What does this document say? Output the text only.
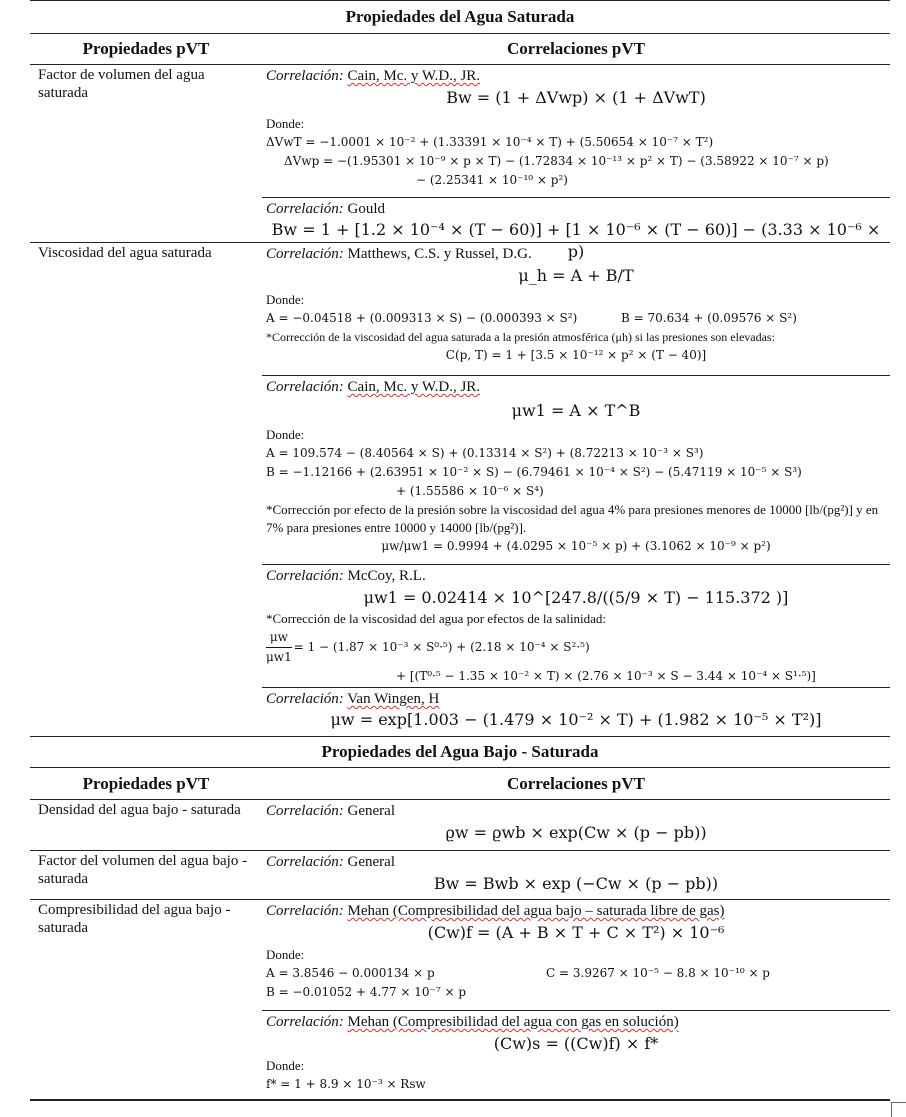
Propiedades del Agua Saturada
Propiedades pVT	Correlaciones pVT
Factor de volumen del agua saturada
Correlación: Cain, Mc. y W.D., JR.
Bw = (1 + ΔVwp) × (1 + ΔVwT)
Donde:
ΔVwT = −1.0001 × 10⁻² + (1.33391 × 10⁻⁴ × T) + (5.50654 × 10⁻⁷ × T²)
ΔVwp = −(1.95301 × 10⁻⁹ × p × T) − (1.72834 × 10⁻¹³ × p² × T) − (3.58922 × 10⁻⁷ × p)
− (2.25341 × 10⁻¹⁰ × p²)
Correlación: Gould
Bw = 1 + [1.2 × 10⁻⁴ × (T − 60)] + [1 × 10⁻⁶ × (T − 60)] − (3.33 × 10⁻⁶ × p)
Viscosidad del agua saturada	Correlación: Matthews, C.S. y Russel, D.G.
μ_h = A + B/T
Donde:
A = −0.04518 + (0.009313 × S) − (0.000393 × S²)	B = 70.634 + (0.09576 × S²)
*Corrección de la viscosidad del agua saturada a la presión atmosférica (μh) si las presiones son elevadas:
C(p, T) = 1 + [3.5 × 10⁻¹² × p² × (T − 40)]
Correlación: Cain, Mc. y W.D., JR.
μw1 = A × T^B
Donde:
A = 109.574 − (8.40564 × S) + (0.13314 × S²) + (8.72213 × 10⁻³ × S³)
B = −1.12166 + (2.63951 × 10⁻² × S) − (6.79461 × 10⁻⁴ × S²) − (5.47119 × 10⁻⁵ × S³)
+ (1.55586 × 10⁻⁶ × S⁴)
*Corrección por efecto de la presión sobre la viscosidad del agua 4% para presiones menores de 10000 [lb/(pg²)] y en 7% para presiones entre 10000 y 14000 [lb/(pg²)].
μw/μw1 = 0.9994 + (4.0295 × 10⁻⁵ × p) + (3.1062 × 10⁻⁹ × p²)
Correlación: McCoy, R.L.
μw1 = 0.02414 × 10^[247.8/((5/9 × T) − 115.372 )]
*Corrección de la viscosidad del agua por efectos de la salinidad:
$\frac{\mu w}{\mu w1} = 1 - (1.87 \times 10^{-3} \times S^0\cdot^5) + (2.18 \times 10^{-4} \times S^2\cdot^5)$
+ [(T⁰·⁵ − 1.35 × 10⁻² × T) × (2.76 × 10⁻³ × S − 3.44 × 10⁻⁴ × S¹·⁵)]
Correlación: Van Wingen, H
μw = exp[1.003 − (1.479 × 10⁻² × T) + (1.982 × 10⁻⁵ × T²)]
Propiedades del Agua Bajo - Saturada
Propiedades pVT	Correlaciones pVT
Densidad del agua bajo - saturada	Correlación: General
ϱw = ϱwb × exp(Cw × (p − pb))
Factor del volumen del agua bajo - saturada
Correlación: General
Bw = Bwb × exp (−Cw × (p − pb))
Compresibilidad del agua bajo - saturada
Correlación: Mehan (Compresibilidad del agua bajo – saturada libre de gas)
(Cw)f = (A + B × T + C × T²) × 10⁻⁶
Donde:
A = 3.8546 − 0.000134 × p	C = 3.9267 × 10⁻⁵ − 8.8 × 10⁻¹⁰ × p
B = −0.01052 + 4.77 × 10⁻⁷ × p
Correlación: Mehan (Compresibilidad del agua con gas en solución)
(Cw)s = ((Cw)f) × f*
Donde:
f* = 1 + 8.9 × 10⁻³ × Rsw
